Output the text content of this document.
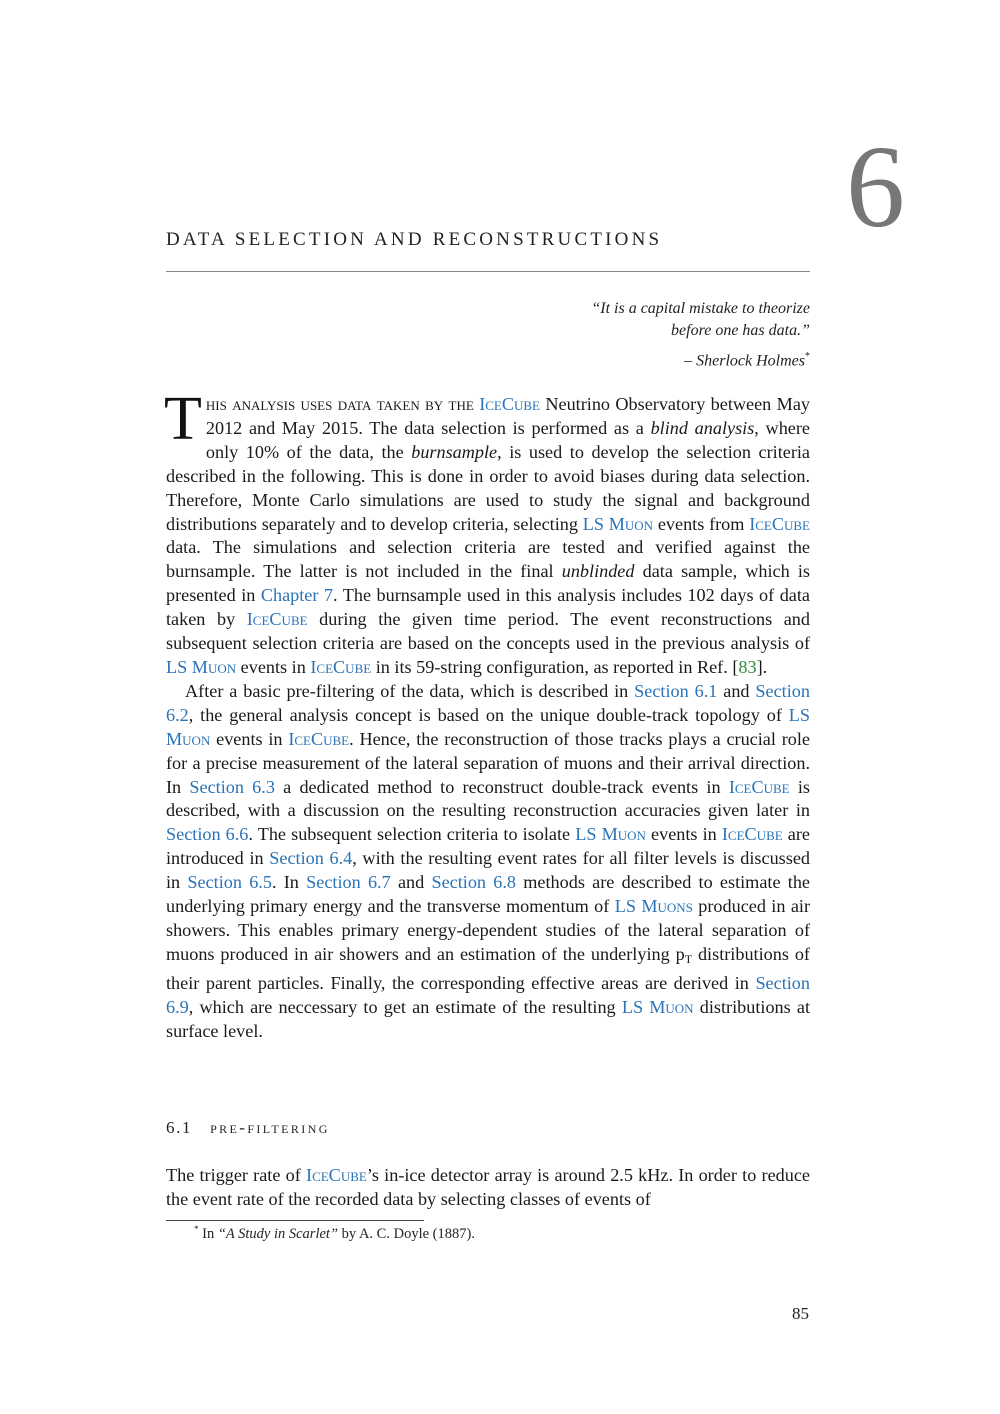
6
DATA SELECTION AND RECONSTRUCTIONS
“It is a capital mistake to theorize
before one has data.”
– Sherlock Holmes*

This analysis uses data taken by the IceCube Neutrino Observatory between May 2012 and May 2015. The data selection is performed as a blind analysis, where only 10% of the data, the burnsample, is used to develop the selection criteria described in the following. This is done in order to avoid biases during data selection. Therefore, Monte Carlo simulations are used to study the signal and background distributions separately and to develop criteria, selecting LS Muon events from IceCube data. The simulations and selection criteria are tested and verified against the burnsample. The latter is not included in the final unblinded data sample, which is presented in Chapter 7. The burnsample used in this analysis includes 102 days of data taken by IceCube during the given time period. The event reconstructions and subsequent selection criteria are based on the concepts used in the previous analysis of LS Muon events in IceCube in its 59-string configuration, as reported in Ref. [83].

After a basic pre-filtering of the data, which is described in Section 6.1 and Section 6.2, the general analysis concept is based on the unique double-track topology of LS Muon events in IceCube. Hence, the reconstruction of those tracks plays a crucial role for a precise measurement of the lateral separation of muons and their arrival direction. In Section 6.3 a dedicated method to reconstruct double-track events in IceCube is described, with a discussion on the resulting reconstruction accuracies given later in Section 6.6. The subsequent selection criteria to isolate LS Muon events in IceCube are introduced in Section 6.4, with the resulting event rates for all filter levels is discussed in Section 6.5. In Section 6.7 and Section 6.8 methods are described to estimate the underlying primary energy and the transverse momentum of LS Muons produced in air showers. This enables primary energy-dependent studies of the lateral separation of muons produced in air showers and an estimation of the underlying $p_T$ distributions of their parent particles. Finally, the corresponding effective areas are derived in Section 6.9, which are neccessary to get an estimate of the resulting LS Muon distributions at surface level.

6.1 pre-filtering

The trigger rate of IceCube’s in-ice detector array is around 2.5 kHz. In order to reduce the event rate of the recorded data by selecting classes of events of

* In “A Study in Scarlet” by A. C. Doyle (1887).
85
